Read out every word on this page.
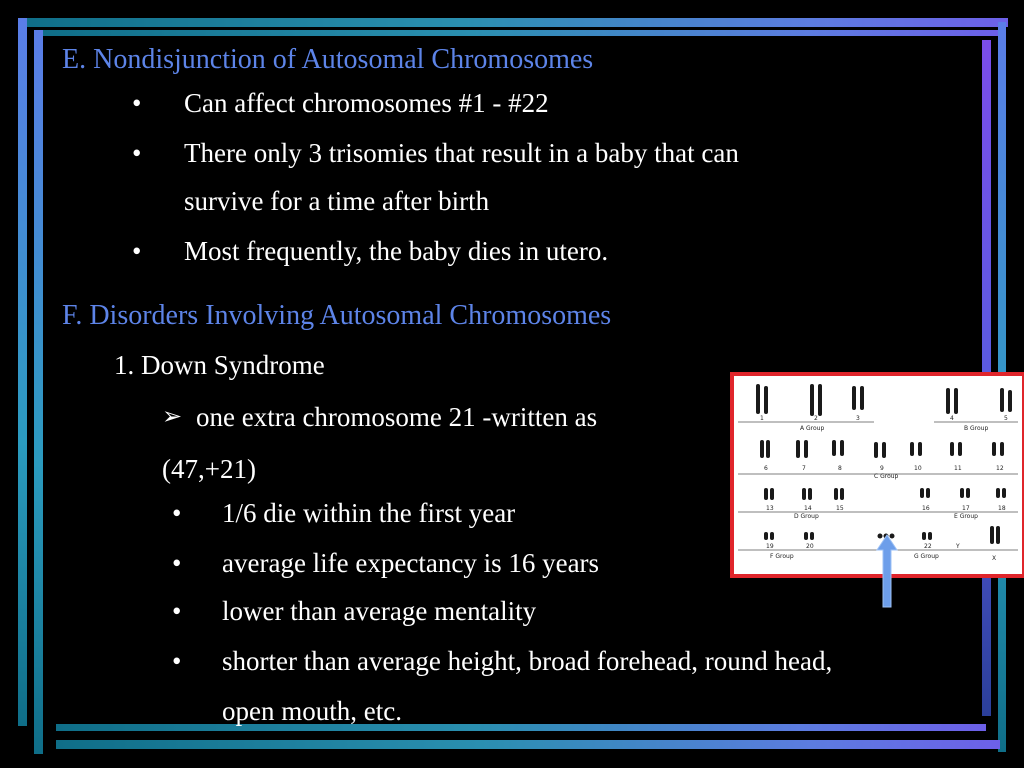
E. Nondisjunction of Autosomal Chromosomes
• Can affect chromosomes #1 - #22
• There only 3 trisomies that result in a baby that can
survive for a time after birth
• Most frequently, the baby dies in utero.
F. Disorders Involving Autosomal Chromosomes
1. Down Syndrome
➢ one extra chromosome 21 -written as
(47,+21)
• 1/6 die within the first year
• average life expectancy is 16 years
• lower than average mentality
• shorter than average height, broad forehead, round head,
open mouth, etc.
1	2	3	4	5
A Group	B Group
6	7	8	9	10	11	12
C Group
13	14	15	16	17	18
D Group	E Group
19	20	22	Y
X
F Group	G Group
